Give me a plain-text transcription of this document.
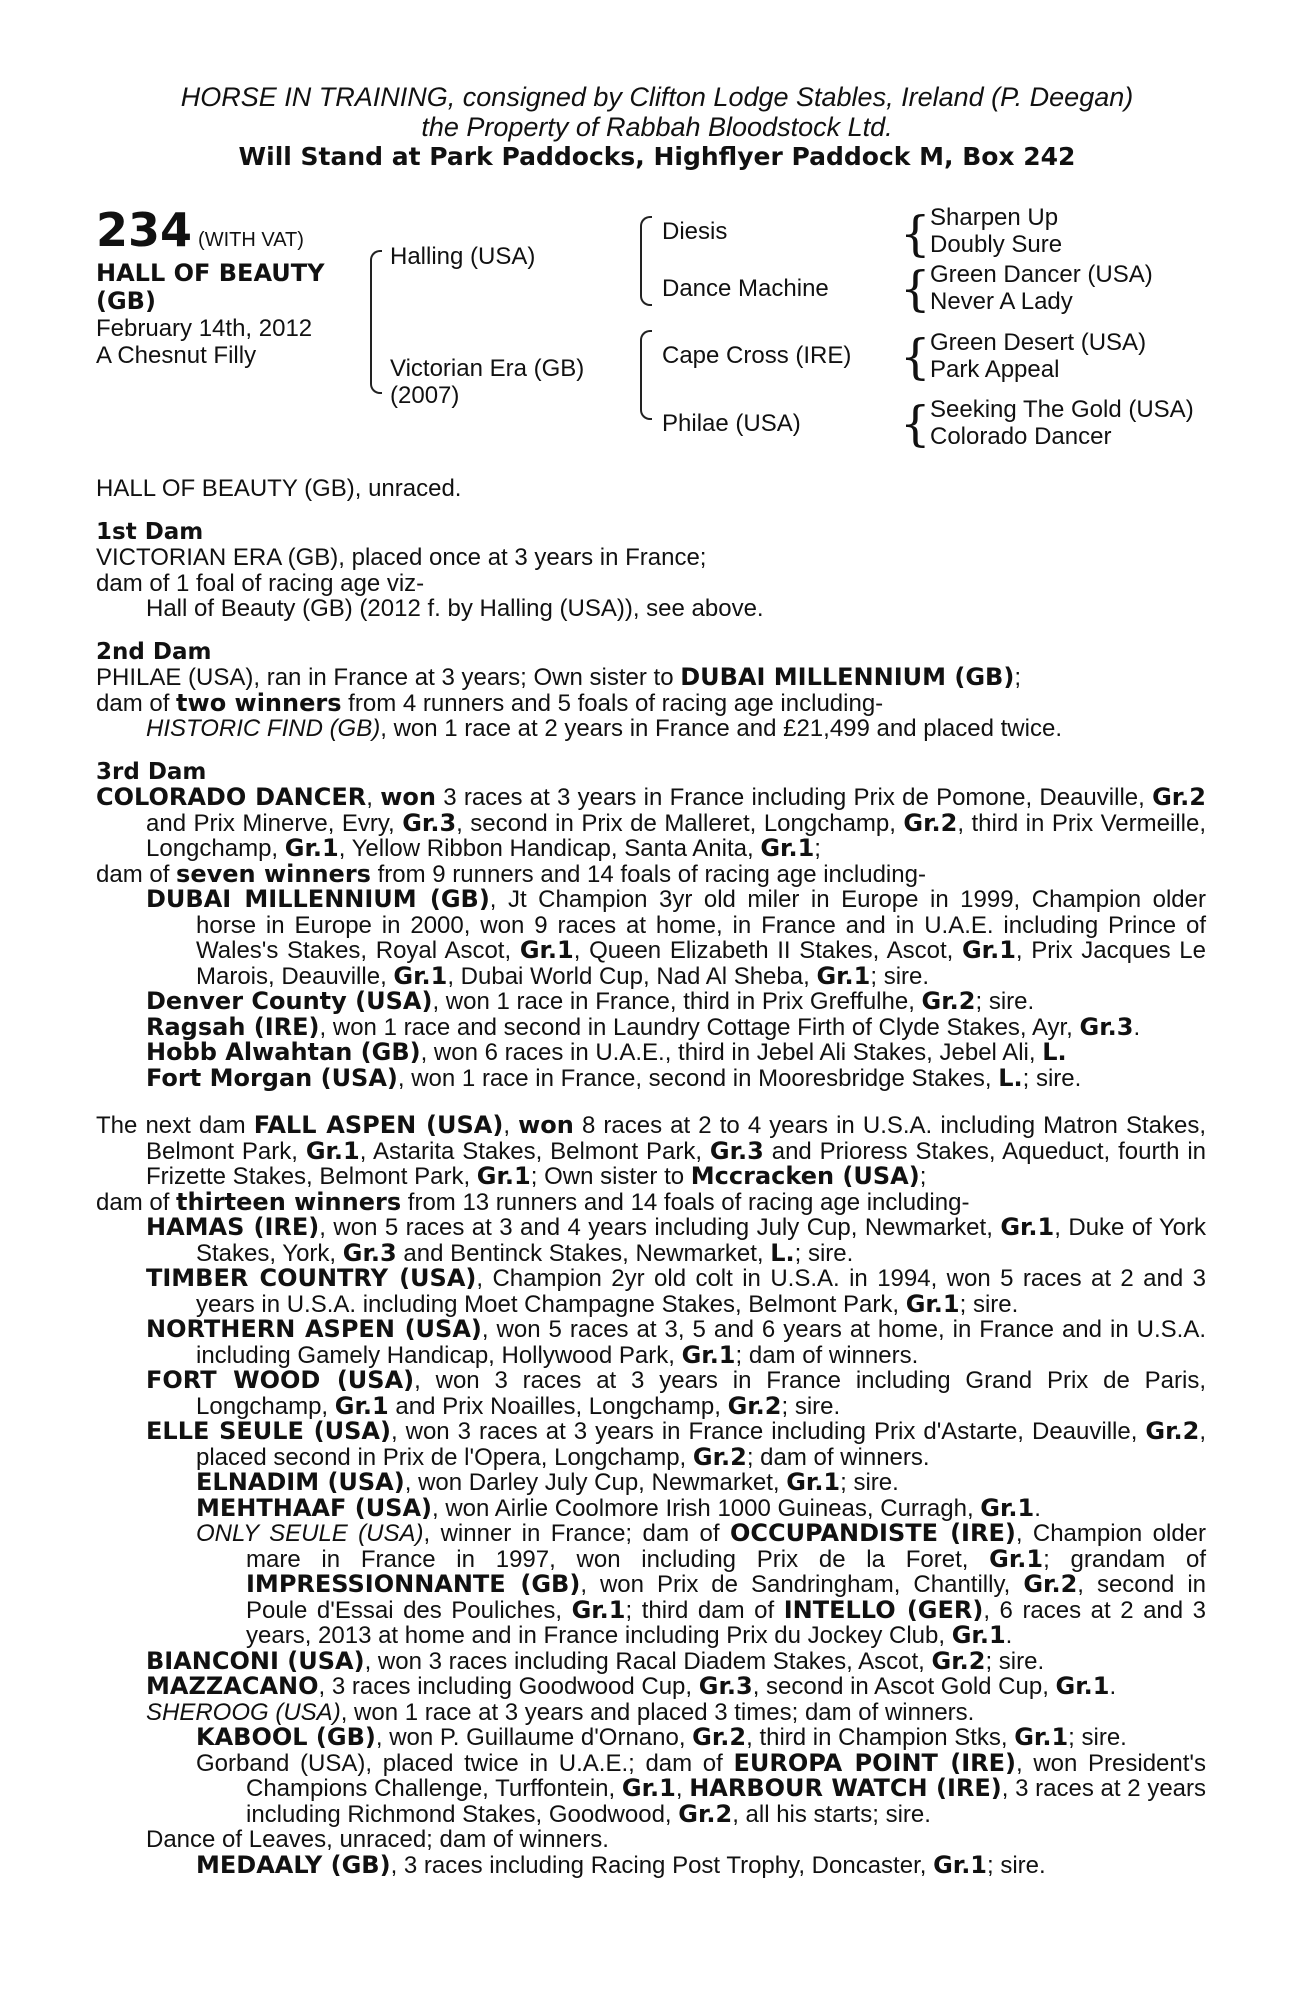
HORSE IN TRAINING, consigned by Clifton Lodge Stables, Ireland (P. Deegan)
the Property of Rabbah Bloodstock Ltd.
Will Stand at Park Paddocks, Highflyer Paddock M, Box 242
234 (WITH VAT)
HALL OF BEAUTY
(GB)
February 14th, 2012
A Chesnut Filly
{
{
{
{
Halling (USA)
Victorian Era (GB)
(2007)
Diesis
Dance Machine
Cape Cross (IRE)
Philae (USA)
Sharpen Up
Doubly Sure
Green Dancer (USA)
Never A Lady
Green Desert (USA)
Park Appeal
Seeking The Gold (USA)
Colorado Dancer

HALL OF BEAUTY (GB), unraced.

1st Dam

VICTORIAN ERA (GB), placed once at 3 years in France;

dam of 1 foal of racing age viz-

Hall of Beauty (GB) (2012 f. by Halling (USA)), see above.

2nd Dam

PHILAE (USA), ran in France at 3 years; Own sister to DUBAI MILLENNIUM (GB);

dam of two winners from 4 runners and 5 foals of racing age including-

HISTORIC FIND (GB), won 1 race at 2 years in France and £21,499 and placed twice.

3rd Dam

COLORADO DANCER, won 3 races at 3 years in France including Prix de Pomone, Deauville, Gr.2 and Prix Minerve, Evry, Gr.3, second in Prix de Malleret, Longchamp, Gr.2, third in Prix Vermeille, Longchamp, Gr.1, Yellow Ribbon Handicap, Santa Anita, Gr.1;

dam of seven winners from 9 runners and 14 foals of racing age including-

DUBAI MILLENNIUM (GB), Jt Champion 3yr old miler in Europe in 1999, Champion older horse in Europe in 2000, won 9 races at home, in France and in U.A.E. including Prince of Wales's Stakes, Royal Ascot, Gr.1, Queen Elizabeth II Stakes, Ascot, Gr.1, Prix Jacques Le Marois, Deauville, Gr.1, Dubai World Cup, Nad Al Sheba, Gr.1; sire.

Denver County (USA), won 1 race in France, third in Prix Greffulhe, Gr.2; sire.

Ragsah (IRE), won 1 race and second in Laundry Cottage Firth of Clyde Stakes, Ayr, Gr.3.

Hobb Alwahtan (GB), won 6 races in U.A.E., third in Jebel Ali Stakes, Jebel Ali, L.

Fort Morgan (USA), won 1 race in France, second in Mooresbridge Stakes, L.; sire.

The next dam FALL ASPEN (USA), won 8 races at 2 to 4 years in U.S.A. including Matron Stakes, Belmont Park, Gr.1, Astarita Stakes, Belmont Park, Gr.3 and Prioress Stakes, Aqueduct, fourth in Frizette Stakes, Belmont Park, Gr.1; Own sister to Mccracken (USA);

dam of thirteen winners from 13 runners and 14 foals of racing age including-

HAMAS (IRE), won 5 races at 3 and 4 years including July Cup, Newmarket, Gr.1, Duke of York Stakes, York, Gr.3 and Bentinck Stakes, Newmarket, L.; sire.

TIMBER COUNTRY (USA), Champion 2yr old colt in U.S.A. in 1994, won 5 races at 2 and 3 years in U.S.A. including Moet Champagne Stakes, Belmont Park, Gr.1; sire.

NORTHERN ASPEN (USA), won 5 races at 3, 5 and 6 years at home, in France and in U.S.A. including Gamely Handicap, Hollywood Park, Gr.1; dam of winners.

FORT WOOD (USA), won 3 races at 3 years in France including Grand Prix de Paris, Longchamp, Gr.1 and Prix Noailles, Longchamp, Gr.2; sire.

ELLE SEULE (USA), won 3 races at 3 years in France including Prix d'Astarte, Deauville, Gr.2, placed second in Prix de l'Opera, Longchamp, Gr.2; dam of winners.

ELNADIM (USA), won Darley July Cup, Newmarket, Gr.1; sire.

MEHTHAAF (USA), won Airlie Coolmore Irish 1000 Guineas, Curragh, Gr.1.

ONLY SEULE (USA), winner in France; dam of OCCUPANDISTE (IRE), Champion older mare in France in 1997, won including Prix de la Foret, Gr.1; grandam of IMPRESSIONNANTE (GB), won Prix de Sandringham, Chantilly, Gr.2, second in Poule d'Essai des Pouliches, Gr.1; third dam of INTELLO (GER), 6 races at 2 and 3 years, 2013 at home and in France including Prix du Jockey Club, Gr.1.

BIANCONI (USA), won 3 races including Racal Diadem Stakes, Ascot, Gr.2; sire.

MAZZACANO, 3 races including Goodwood Cup, Gr.3, second in Ascot Gold Cup, Gr.1.

SHEROOG (USA), won 1 race at 3 years and placed 3 times; dam of winners.

KABOOL (GB), won P. Guillaume d'Ornano, Gr.2, third in Champion Stks, Gr.1; sire.

Gorband (USA), placed twice in U.A.E.; dam of EUROPA POINT (IRE), won President's Champions Challenge, Turffontein, Gr.1, HARBOUR WATCH (IRE), 3 races at 2 years including Richmond Stakes, Goodwood, Gr.2, all his starts; sire.

Dance of Leaves, unraced; dam of winners.

MEDAALY (GB), 3 races including Racing Post Trophy, Doncaster, Gr.1; sire.
